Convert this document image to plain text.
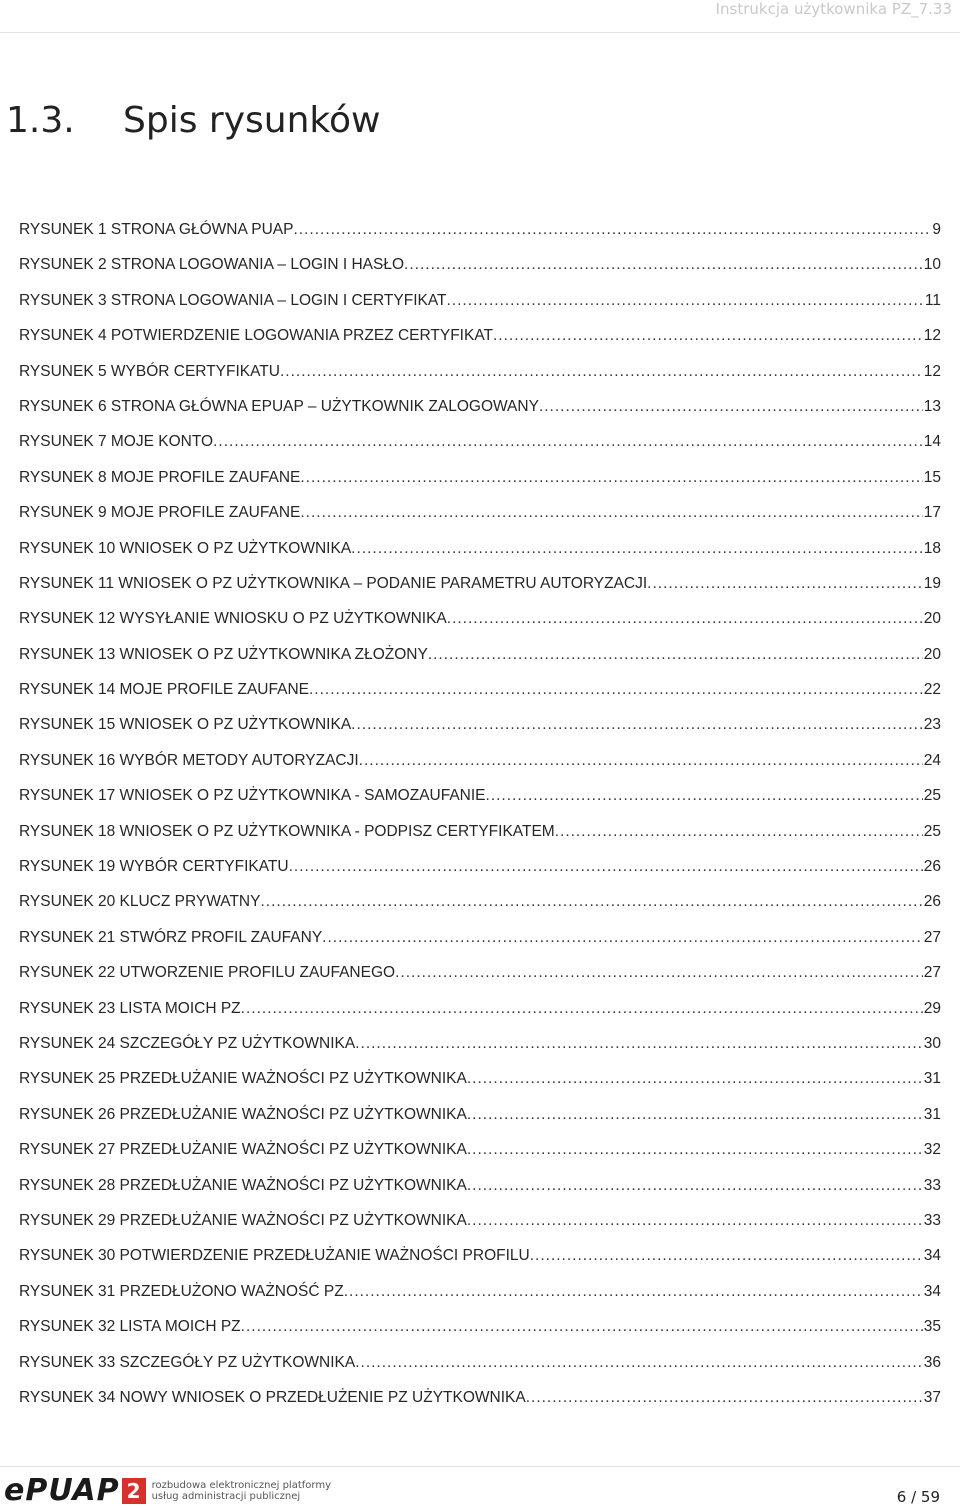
Instrukcja użytkownika PZ_7.33
1.3. Spis rysunków
RYSUNEK 1 STRONA GŁÓWNA PUAP .....	9
RYSUNEK 2 STRONA LOGOWANIA – LOGIN I HASŁO .....	10
RYSUNEK 3 STRONA LOGOWANIA – LOGIN I CERTYFIKAT .....	11
RYSUNEK 4 POTWIERDZENIE LOGOWANIA PRZEZ CERTYFIKAT .....	12
RYSUNEK 5 WYBÓR CERTYFIKATU .....	12
RYSUNEK 6 STRONA GŁÓWNA EPUAP – UŻYTKOWNIK ZALOGOWANY .....	13
RYSUNEK 7 MOJE KONTO .....	14
RYSUNEK 8 MOJE PROFILE ZAUFANE .....	15
RYSUNEK 9 MOJE PROFILE ZAUFANE .....	17
RYSUNEK 10 WNIOSEK O PZ UŻYTKOWNIKA .....	18
RYSUNEK 11 WNIOSEK O PZ UŻYTKOWNIKA – PODANIE PARAMETRU AUTORYZACJI .....	19
RYSUNEK 12 WYSYŁANIE WNIOSKU O PZ UŻYTKOWNIKA .....	20
RYSUNEK 13 WNIOSEK O PZ UŻYTKOWNIKA ZŁOŻONY .....	20
RYSUNEK 14 MOJE PROFILE ZAUFANE .....	22
RYSUNEK 15 WNIOSEK O PZ UŻYTKOWNIKA .....	23
RYSUNEK 16 WYBÓR METODY AUTORYZACJI .....	24
RYSUNEK 17 WNIOSEK O PZ UŻYTKOWNIKA - SAMOZAUFANIE .....	25
RYSUNEK 18 WNIOSEK O PZ UŻYTKOWNIKA - PODPISZ CERTYFIKATEM .....	25
RYSUNEK 19 WYBÓR CERTYFIKATU .....	26
RYSUNEK 20 KLUCZ PRYWATNY .....	26
RYSUNEK 21 STWÓRZ PROFIL ZAUFANY .....	27
RYSUNEK 22 UTWORZENIE PROFILU ZAUFANEGO .....	27
RYSUNEK 23 LISTA MOICH PZ .....	29
RYSUNEK 24 SZCZEGÓŁY PZ UŻYTKOWNIKA .....	30
RYSUNEK 25 PRZEDŁUŻANIE WAŻNOŚCI PZ UŻYTKOWNIKA .....	31
RYSUNEK 26 PRZEDŁUŻANIE WAŻNOŚCI PZ UŻYTKOWNIKA .....	31
RYSUNEK 27 PRZEDŁUŻANIE WAŻNOŚCI PZ UŻYTKOWNIKA .....	32
RYSUNEK 28 PRZEDŁUŻANIE WAŻNOŚCI PZ UŻYTKOWNIKA .....	33
RYSUNEK 29 PRZEDŁUŻANIE WAŻNOŚCI PZ UŻYTKOWNIKA .....	33
RYSUNEK 30 POTWIERDZENIE PRZEDŁUŻANIE WAŻNOŚCI PROFILU .....	34
RYSUNEK 31 PRZEDŁUŻONO WAŻNOŚĆ PZ .....	34
RYSUNEK 32 LISTA MOICH PZ .....	35
RYSUNEK 33 SZCZEGÓŁY PZ UŻYTKOWNIKA .....	36
RYSUNEK 34 NOWY WNIOSEK O PRZEDŁUŻENIE PZ UŻYTKOWNIKA .....	37
ePUAP 2	rozbudowa elektronicznej platformy
usług administracji publicznej	6 / 59
